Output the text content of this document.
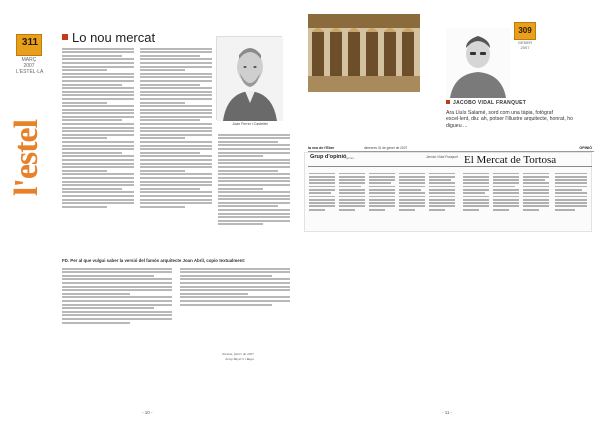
311
MARÇ
2007
L'ESTEL·LA
l'estel
Lo nou mercat
Joan Ferrer i Castellet
FD. Per al que vulgui saber la versió del famós arquitecte Joan Abril, copio textualment:
Tortosa, febrer de 2007
Josep Bayerri i Raga
- 10 -
309
GENER 2007
JACOBO VIDAL FRANQUET
Ara Lluís Salamé, sord com una tàpia, fotògraf excel·lent, diu: ah, potser l'illustre arquitecte, honrat, ho digueu ...
la veu de l'Ebre	dimecres 31 de gener de 2007	OPINIÓ
Grup d'opinió
· opinió ·	Jacobo Vidal Franquet El Mercat de Tortosa
- 11 -
